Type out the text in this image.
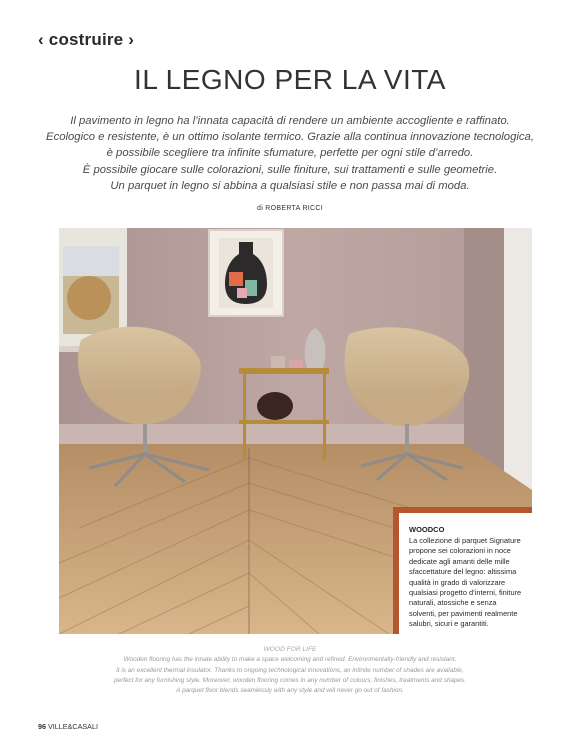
‹ costruire ›
IL LEGNO PER LA VITA
Il pavimento in legno ha l’innata capacità di rendere un ambiente accogliente e raffinato.
Ecologico e resistente, è un ottimo isolante termico. Grazie alla continua innovazione tecnologica,
è possibile scegliere tra infinite sfumature, perfette per ogni stile d’arredo.
È possibile giocare sulle colorazioni, sulle finiture, sui trattamenti e sulle geometrie.
Un parquet in legno si abbina a qualsiasi stile e non passa mai di moda.
di ROBERTA RICCI
WOODCO
La collezione di parquet Signature propone sei colorazioni in noce dedicate agli amanti delle mille sfaccettature del legno: altissima qualità in grado di valorizzare qualsiasi progetto d’interni, finiture naturali, atossiche e senza solventi, per pavimenti realmente salubri, sicuri e garantiti.
WOOD FOR LIFE
Wooden flooring has the innate ability to make a space welcoming and refined. Environmentally-friendly and resistant,
it is an excellent thermal insulator. Thanks to ongoing technological innovations, an infinite number of shades are available,
perfect for any furnishing style. Moreover, wooden flooring comes in any number of colours, finishes, treatments and shapes.
A parquet floor blends seamlessly with any style and will never go out of fashion.
96 VILLE&CASALI
